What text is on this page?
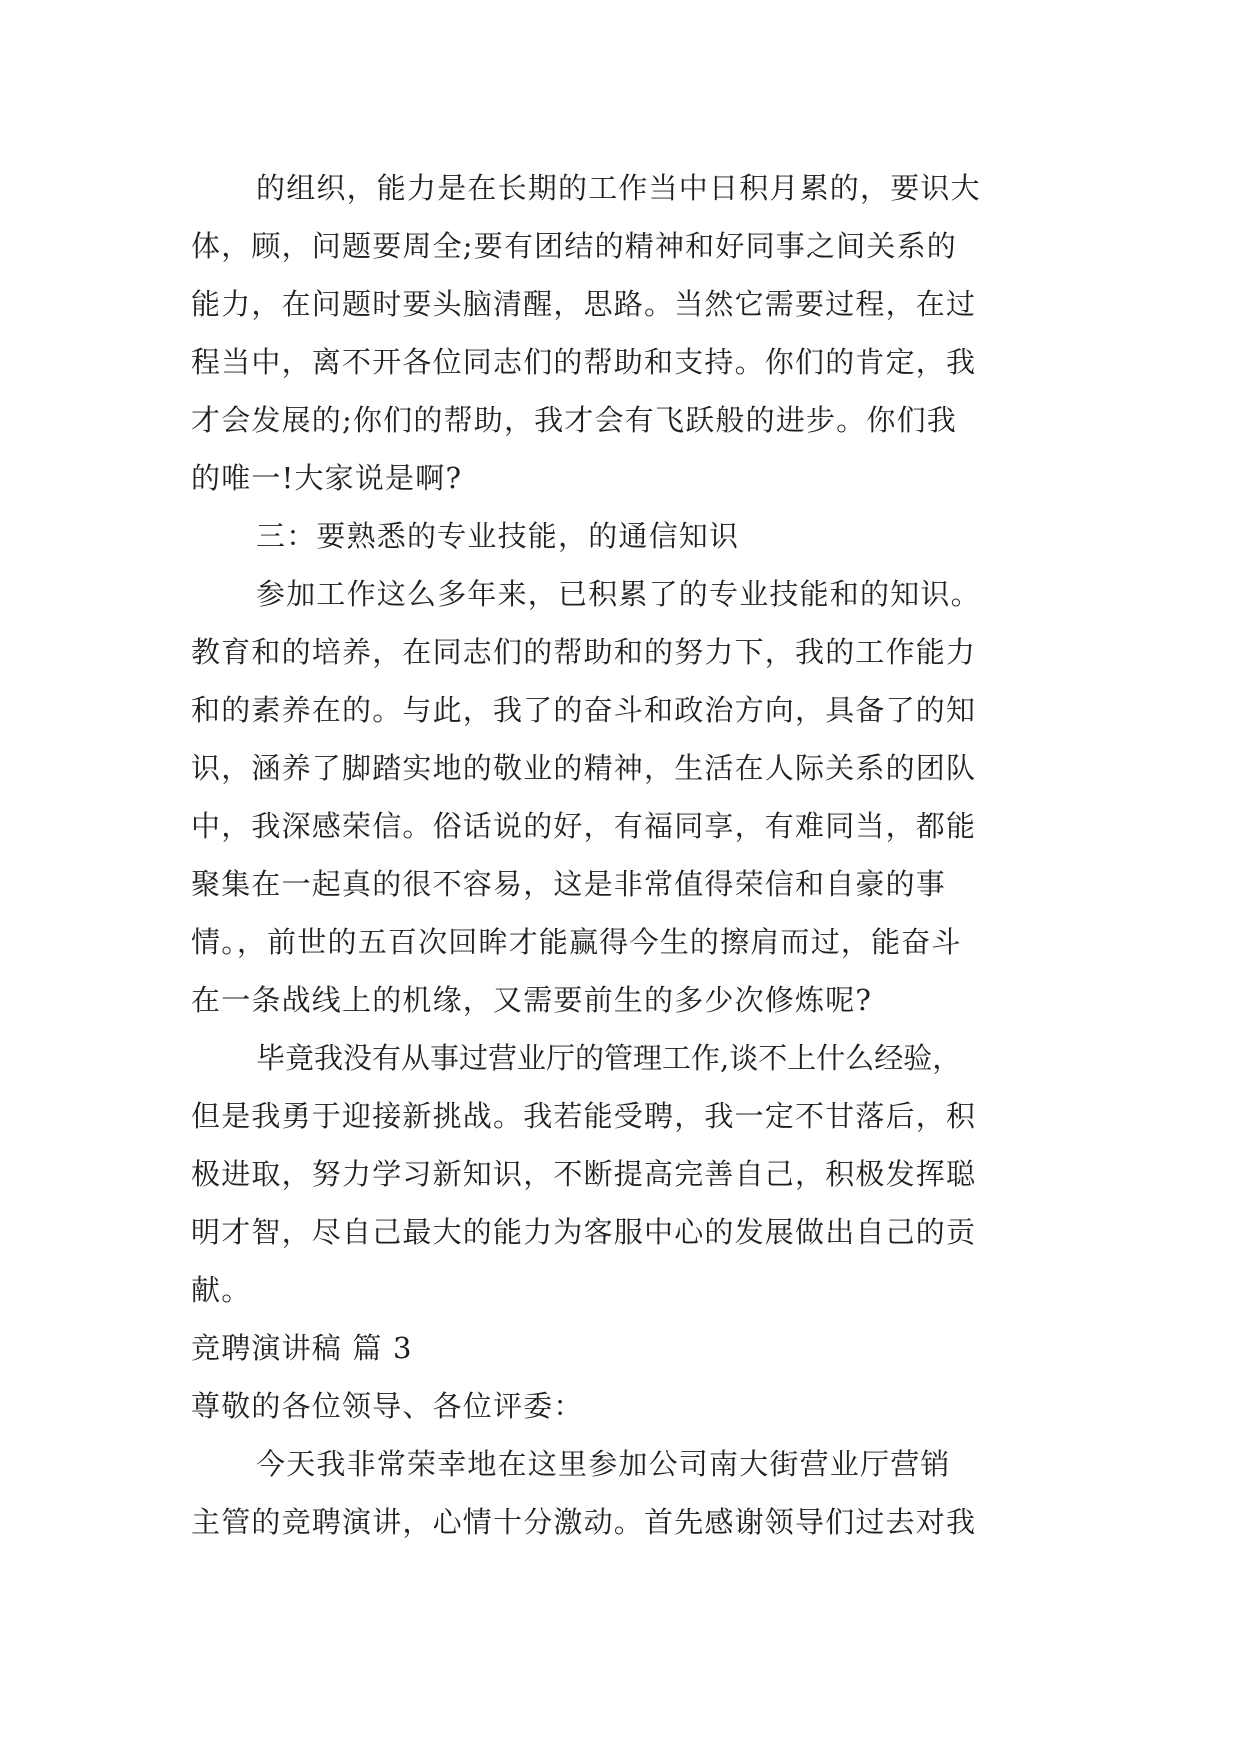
的组织，能力是在长期的工作当中日积月累的，要识大
体，顾，问题要周全;要有团结的精神和好同事之间关系的
能力，在问题时要头脑清醒，思路。当然它需要过程，在过
程当中，离不开各位同志们的帮助和支持。你们的肯定，我
才会发展的;你们的帮助，我才会有飞跃般的进步。你们我
的唯一!大家说是啊?
三：要熟悉的专业技能，的通信知识
参加工作这么多年来，已积累了的专业技能和的知识。
教育和的培养，在同志们的帮助和的努力下，我的工作能力
和的素养在的。与此，我了的奋斗和政治方向，具备了的知
识，涵养了脚踏实地的敬业的精神，生活在人际关系的团队
中，我深感荣信。俗话说的好，有福同享，有难同当，都能
聚集在一起真的很不容易，这是非常值得荣信和自豪的事
情。，前世的五百次回眸才能赢得今生的擦肩而过，能奋斗
在一条战线上的机缘，又需要前生的多少次修炼呢?
毕竟我没有从事过营业厅的管理工作,谈不上什么经验，
但是我勇于迎接新挑战。我若能受聘，我一定不甘落后，积
极进取，努力学习新知识，不断提高完善自己，积极发挥聪
明才智，尽自己最大的能力为客服中心的发展做出自己的贡
献。
竞聘演讲稿 篇 3
尊敬的各位领导、各位评委：
今天我非常荣幸地在这里参加公司南大街营业厅营销
主管的竞聘演讲，心情十分激动。首先感谢领导们过去对我
